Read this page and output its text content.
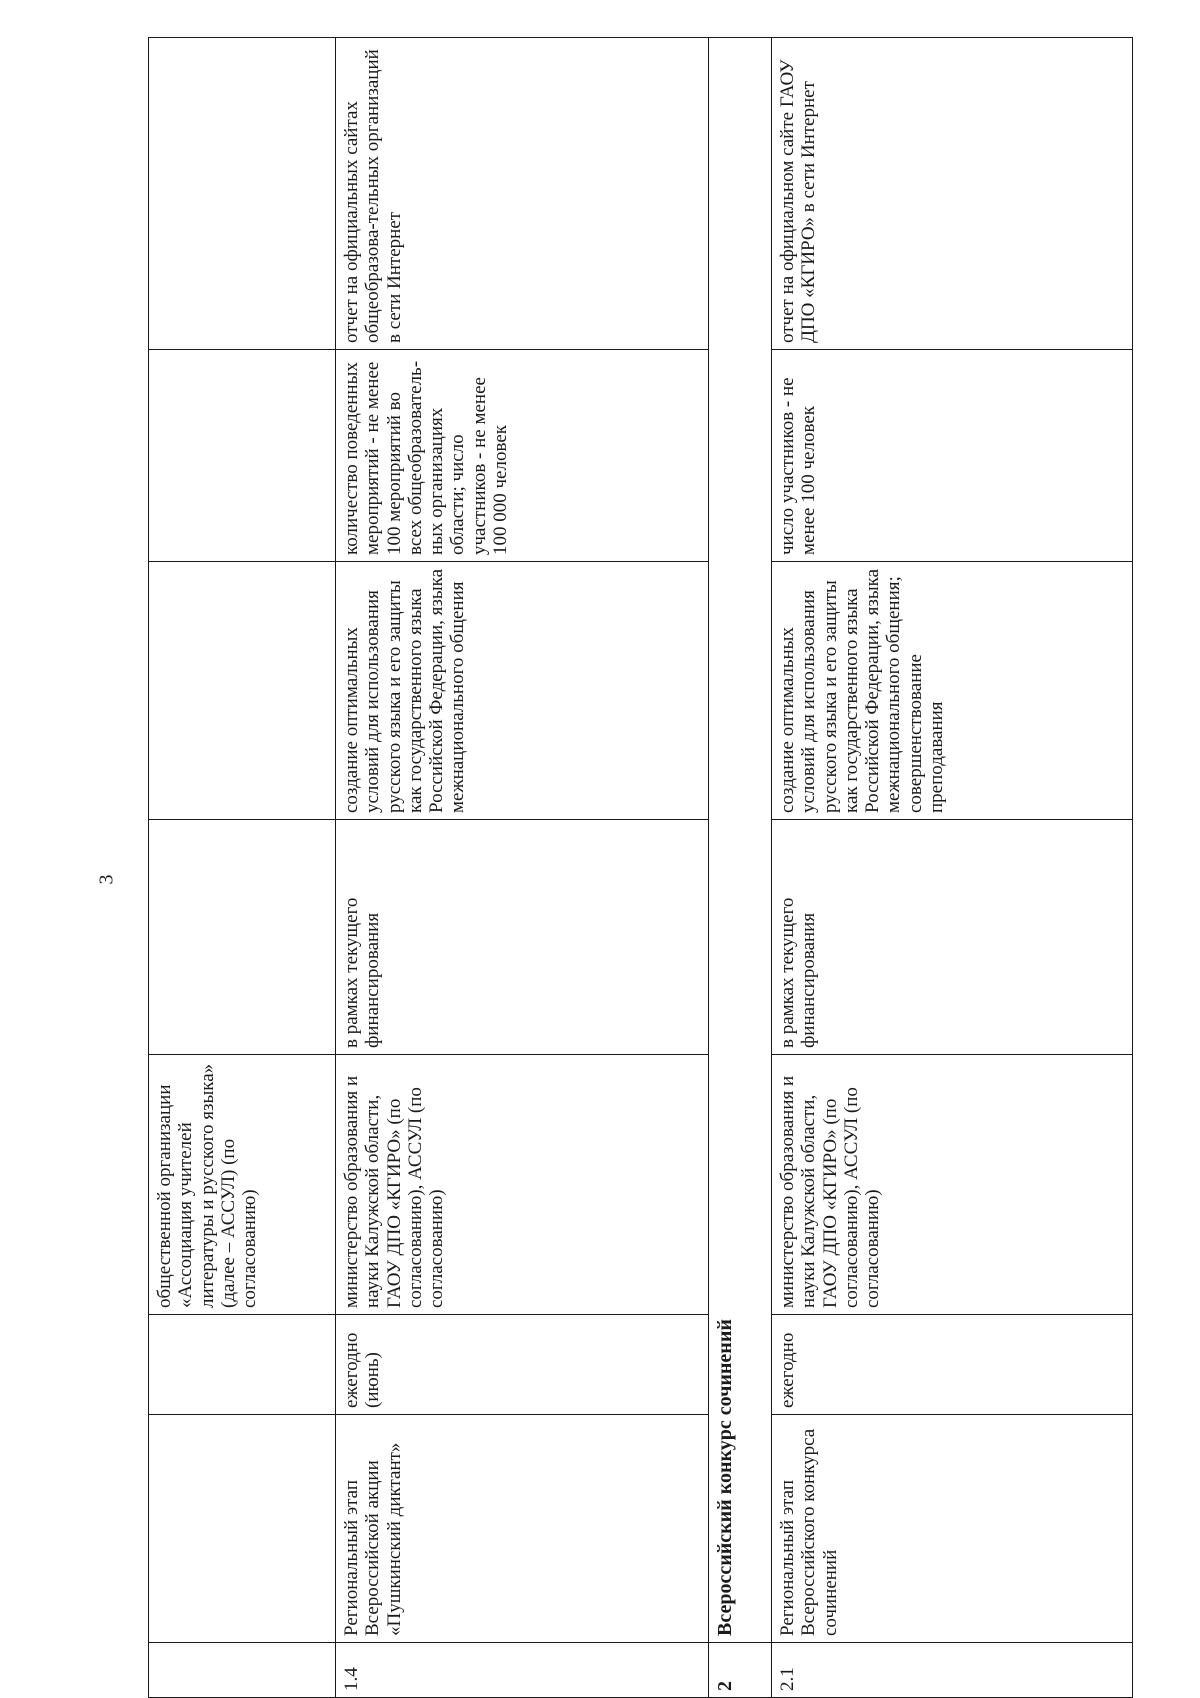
3
			общественной организации «Ассоциация учителей литературы и русского языка» (далее – АССУЛ) (по согласованию)				
1.4	Региональный этап Всероссийской акции «Пушкинский диктант»	ежегодно (июнь)	министерство образования и науки Калужской области, ГАОУ ДПО «КГИРО» (по согласованию), АССУЛ (по согласованию)	в рамках текущего финансирования	создание оптимальных условий для использования русского языка и его защиты как государственного языка Российской Федерации, языка межнационального общения	количество поведенных мероприятий - не менее 100 мероприятий во всех общеобразователь-ных организациях области; число участников - не менее 100 000 человек	отчет на официальных сайтах общеобразова-тельных организаций в сети Интернет
2	Всероссийский конкурс сочинений						
2.1	Региональный этап Всероссийского конкурса сочинений	ежегодно	министерство образования и науки Калужской области, ГАОУ ДПО «КГИРО» (по согласованию), АССУЛ (по согласованию)	в рамках текущего финансирования	создание оптимальных условий для использования русского языка и его защиты как государственного языка Российской Федерации, языка межнационального общения; совершенствование преподавания	число участников - не менее 100 человек	отчет на официальном сайте ГАОУ ДПО «КГИРО» в сети Интернет
